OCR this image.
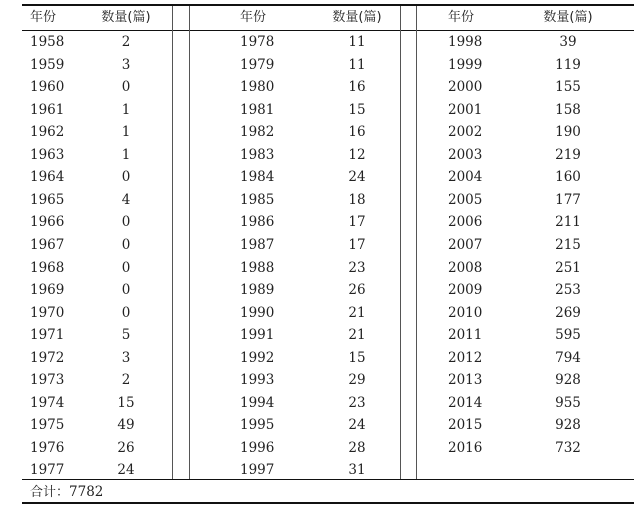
合计：7782
年份	数量(篇)
1958	2
1959	3
1960	0
1961	1
1962	1
1963	1
1964	0
1965	4
1966	0
1967	0
1968	0
1969	0
1970	0
1971	5
1972	3
1973	2
1974	15
1975	49
1976	26
1977	24
年份	数量(篇)
1978	11
1979	11
1980	16
1981	15
1982	16
1983	12
1984	24
1985	18
1986	17
1987	17
1988	23
1989	26
1990	21
1991	21
1992	15
1993	29
1994	23
1995	24
1996	28
1997	31
年份	数量(篇)
1998	39
1999	119
2000	155
2001	158
2002	190
2003	219
2004	160
2005	177
2006	211
2007	215
2008	251
2009	253
2010	269
2011	595
2012	794
2013	928
2014	955
2015	928
2016	732
